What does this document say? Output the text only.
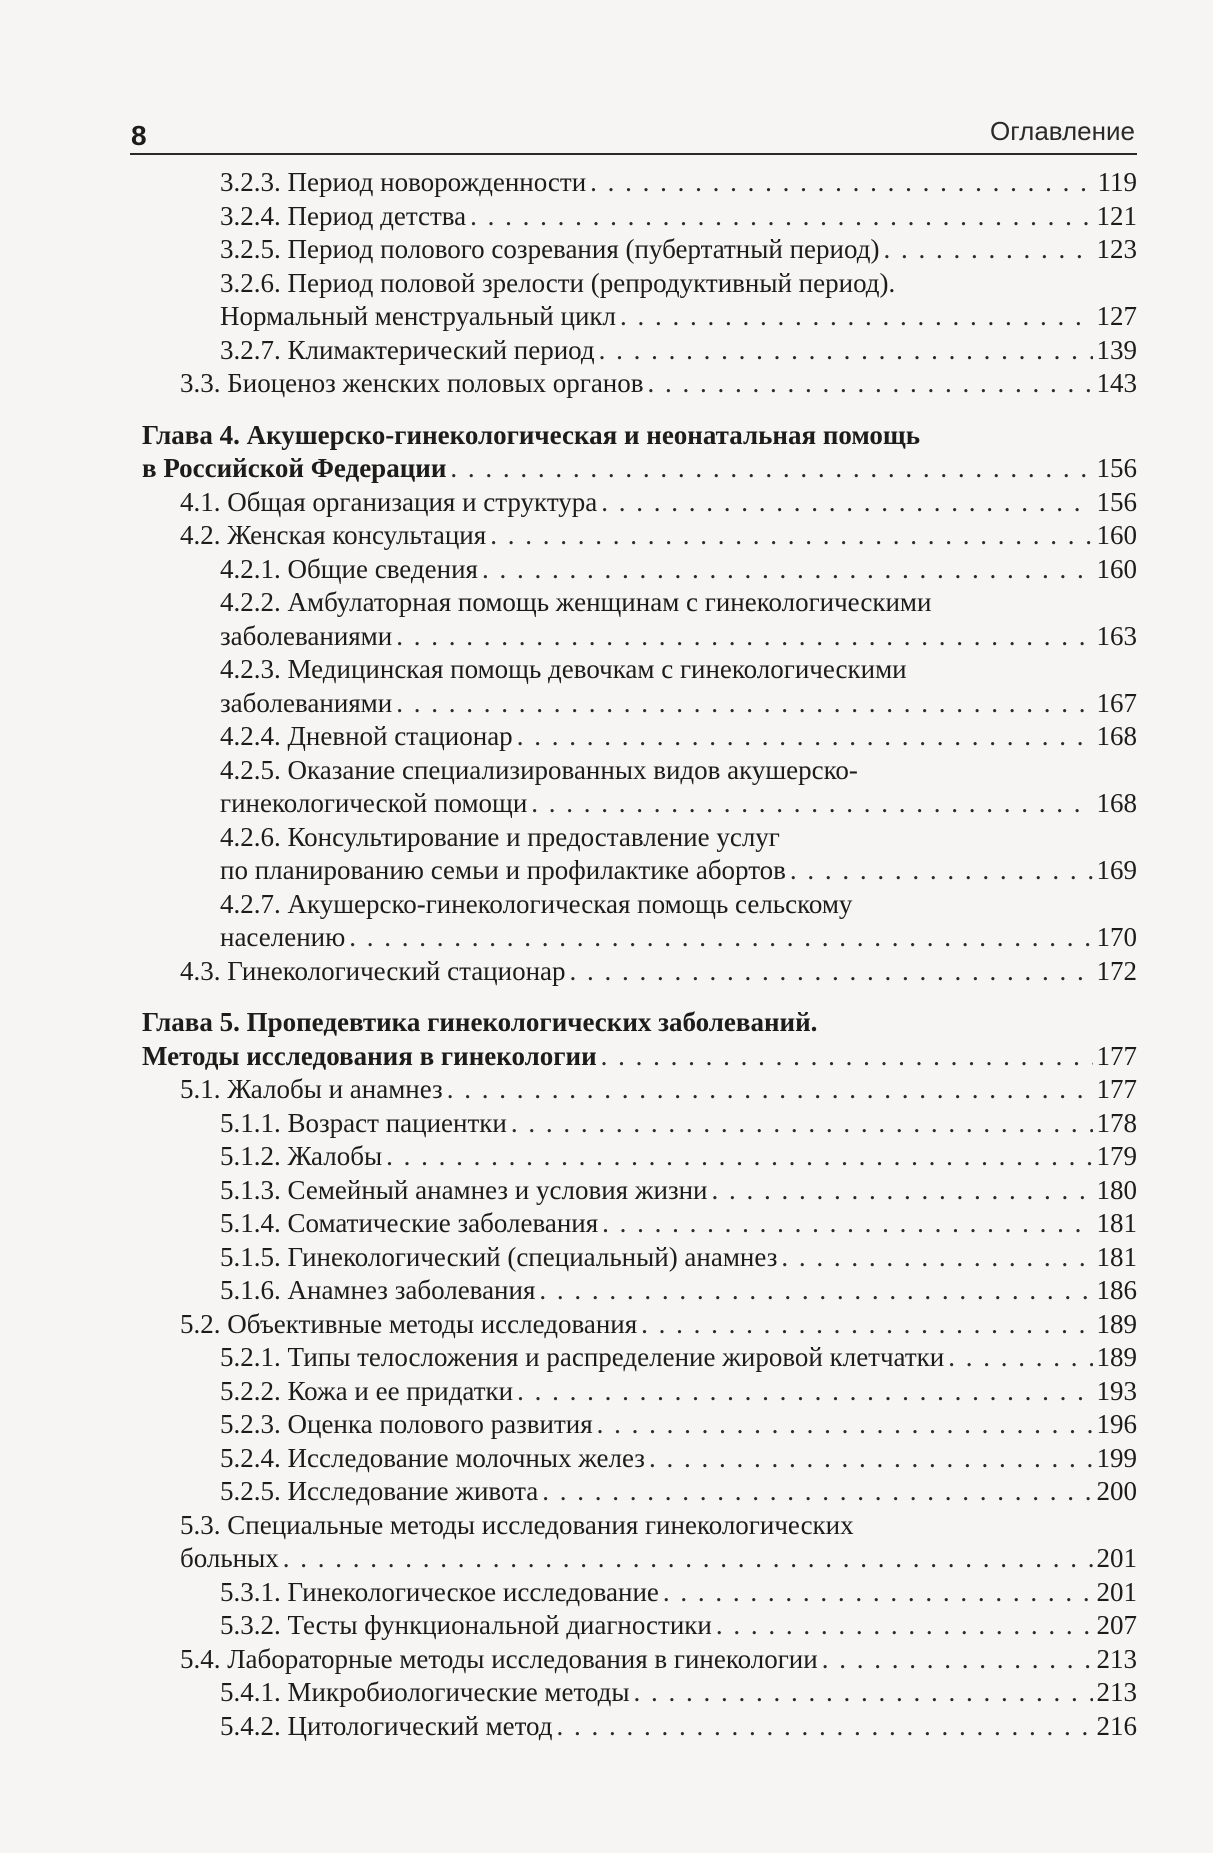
8	Оглавление
3.2.3. Период новорожденности . . .	119
3.2.4. Период детства . . .	121
3.2.5. Период полового созревания (пубертатный период) . . .	123
3.2.6. Период половой зрелости (репродуктивный период).
Нормальный менструальный цикл . . .	127
3.2.7. Климактерический период . . .	139
3.3. Биоценоз женских половых органов . . .	143
Глава 4. Акушерско-гинекологическая и неонатальная помощь
в Российской Федерации . . .	156
4.1. Общая организация и структура . . .	156
4.2. Женская консультация . . .	160
4.2.1. Общие сведения . . .	160
4.2.2. Амбулаторная помощь женщинам с гинекологическими
заболеваниями . . .	163
4.2.3. Медицинская помощь девочкам с гинекологическими
заболеваниями . . .	167
4.2.4. Дневной стационар . . .	168
4.2.5. Оказание специализированных видов акушерско-
гинекологической помощи . . .	168
4.2.6. Консультирование и предоставление услуг
по планированию семьи и профилактике абортов . . .	169
4.2.7. Акушерско-гинекологическая помощь сельскому
населению . . .	170
4.3. Гинекологический стационар . . .	172
Глава 5. Пропедевтика гинекологических заболеваний.
Методы исследования в гинекологии . . .	177
5.1. Жалобы и анамнез . . .	177
5.1.1. Возраст пациентки . . .	178
5.1.2. Жалобы . . .	179
5.1.3. Семейный анамнез и условия жизни . . .	180
5.1.4. Соматические заболевания . . .	181
5.1.5. Гинекологический (специальный) анамнез . . .	181
5.1.6. Анамнез заболевания . . .	186
5.2. Объективные методы исследования . . .	189
5.2.1. Типы телосложения и распределение жировой клетчатки . . .	189
5.2.2. Кожа и ее придатки . . .	193
5.2.3. Оценка полового развития . . .	196
5.2.4. Исследование молочных желез . . .	199
5.2.5. Исследование живота . . .	200
5.3. Специальные методы исследования гинекологических
больных . . .	201
5.3.1. Гинекологическое исследование . . .	201
5.3.2. Тесты функциональной диагностики . . .	207
5.4. Лабораторные методы исследования в гинекологии . . .	213
5.4.1. Микробиологические методы . . .	213
5.4.2. Цитологический метод . . .	216
